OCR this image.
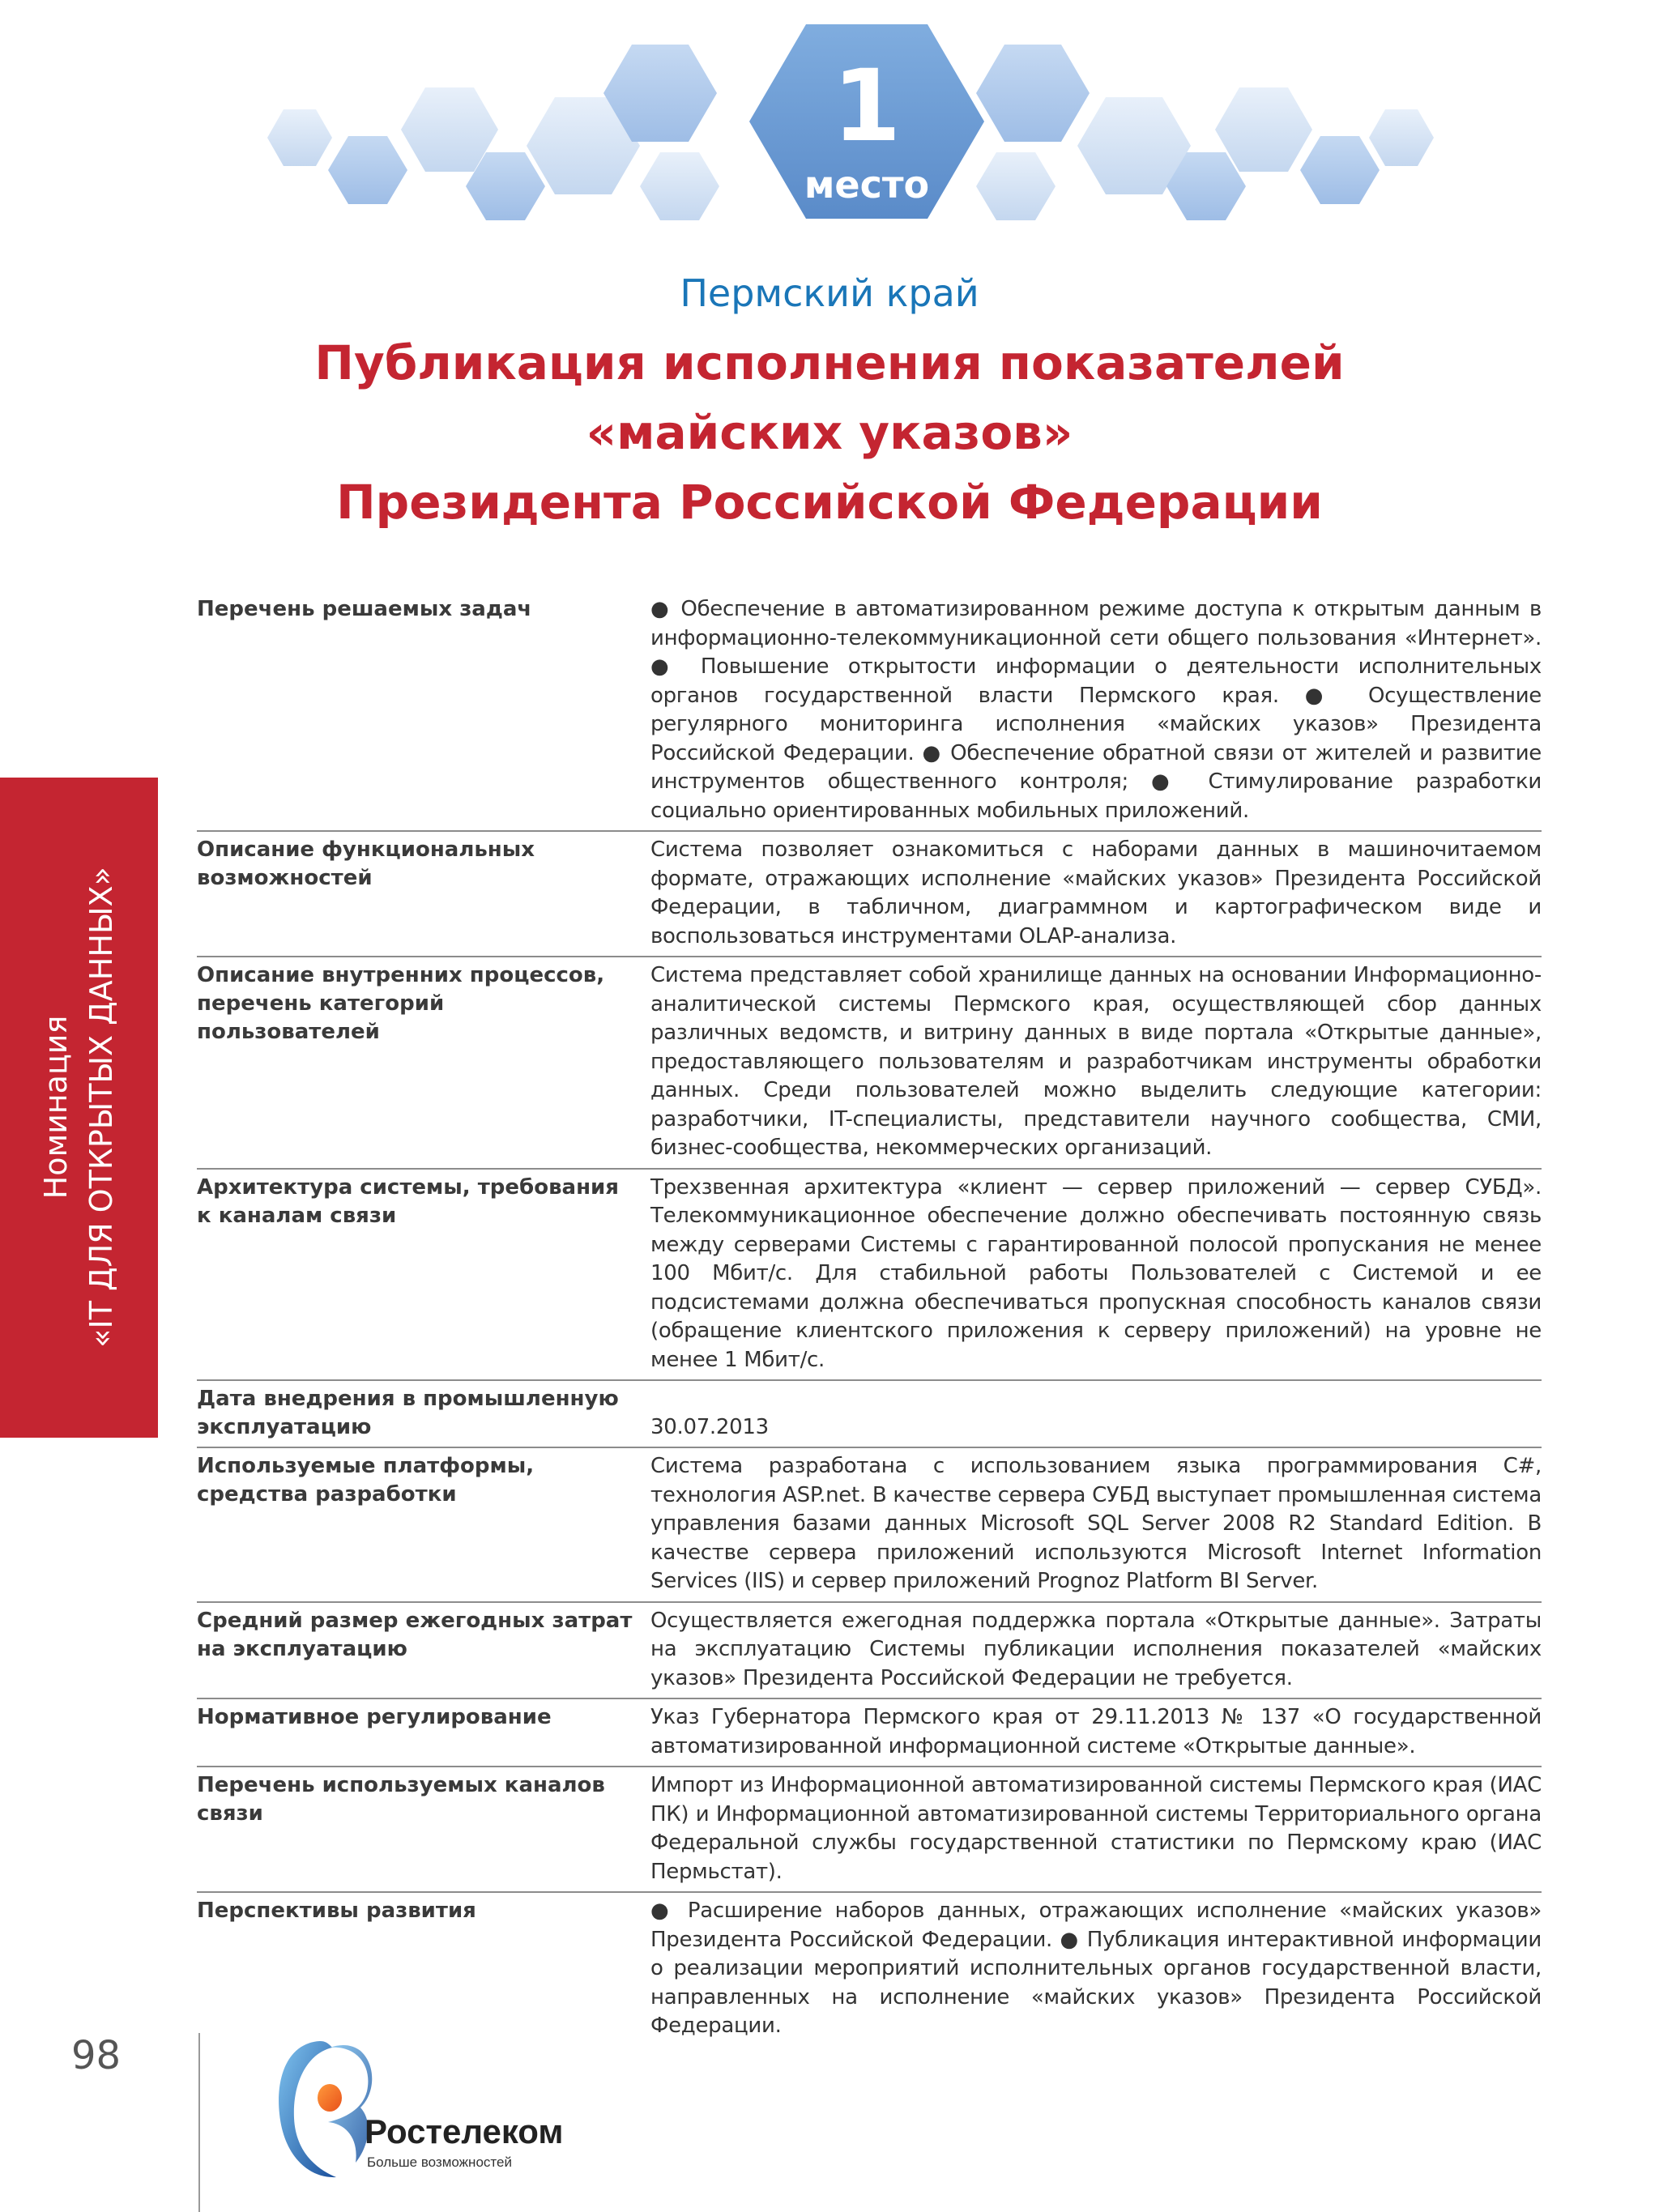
1
место
Пермский край
Публикация исполнения показателей
«майских указов»
Президента Российской Федерации
Номинация «IT ДЛЯ ОТКРЫТЫХ ДАННЫХ»
Перечень решаемых задач	● Обеспечение в автоматизированном режиме доступа к открытым данным в информационно-телекоммуникационной сети общего пользования «Интернет». ● Повышение открытости информации о деятельности исполнительных органов государственной власти Пермского края. ● Осуществление регулярного мониторинга исполнения «майских указов» Президента Российской Федерации. ● Обеспечение обратной связи от жителей и развитие инструментов общественного контроля; ● Стимулирование разработки социально ориентированных мобильных приложений.
Описание функциональных возможностей	Система позволяет ознакомиться с наборами данных в машиночитаемом формате, отражающих исполнение «майских указов» Президента Российской Федерации, в табличном, диаграммном и картографическом виде и воспользоваться инструментами OLAP-анализа.
Описание внутренних процессов, перечень категорий пользователей	Система представляет собой хранилище данных на основании Информационно-аналитической системы Пермского края, осуществляющей сбор данных различных ведомств, и витрину данных в виде портала «Открытые данные», предоставляющего пользователям и разработчикам инструменты обработки данных. Среди пользователей можно выделить следующие категории: разработчики, IT-специалисты, представители научного сообщества, СМИ, бизнес-сообщества, некоммерческих организаций.
Архитектура системы, требования к каналам связи	Трехзвенная архитектура «клиент — сервер приложений — сервер СУБД». Телекоммуникационное обеспечение должно обеспечивать постоянную связь между серверами Системы с гарантированной полосой пропускания не менее 100 Мбит/с. Для стабильной работы Пользователей с Системой и ее подсистемами должна обеспечиваться пропускная способность каналов связи (обращение клиентского приложения к серверу приложений) на уровне не менее 1 Мбит/с.
Дата внедрения в промышленную эксплуатацию	30.07.2013
Используемые платформы, средства разработки	Система разработана с использованием языка программирования C#, технология ASP.net. В качестве сервера СУБД выступает промышленная система управления базами данных Microsoft SQL Server 2008 R2 Standard Edition. В качестве сервера приложений используются Microsoft Internet Information Services (IIS) и сервер приложений Prognoz Platform BI Server.
Средний размер ежегодных затрат на эксплуатацию	Осуществляется ежегодная поддержка портала «Открытые данные». Затраты на эксплуатацию Системы публикации исполнения показателей «майских указов» Президента Российской Федерации не требуется.
Нормативное регулирование	Указ Губернатора Пермского края от 29.11.2013 № 137 «О государственной автоматизированной информационной системе «Открытые данные».
Перечень используемых каналов связи	Импорт из Информационной автоматизированной системы Пермского края (ИАС ПК) и Информационной автоматизированной системы Территориального органа Федеральной службы государственной статистики по Пермскому краю (ИАС Пермьстат).
Перспективы развития	● Расширение наборов данных, отражающих исполнение «майских указов» Президента Российской Федерации. ● Публикация интерактивной информации о реализации мероприятий исполнительных органов государственной власти, направленных на исполнение «майских указов» Президента Российской Федерации.
98
Ростелеком
Больше возможностей
